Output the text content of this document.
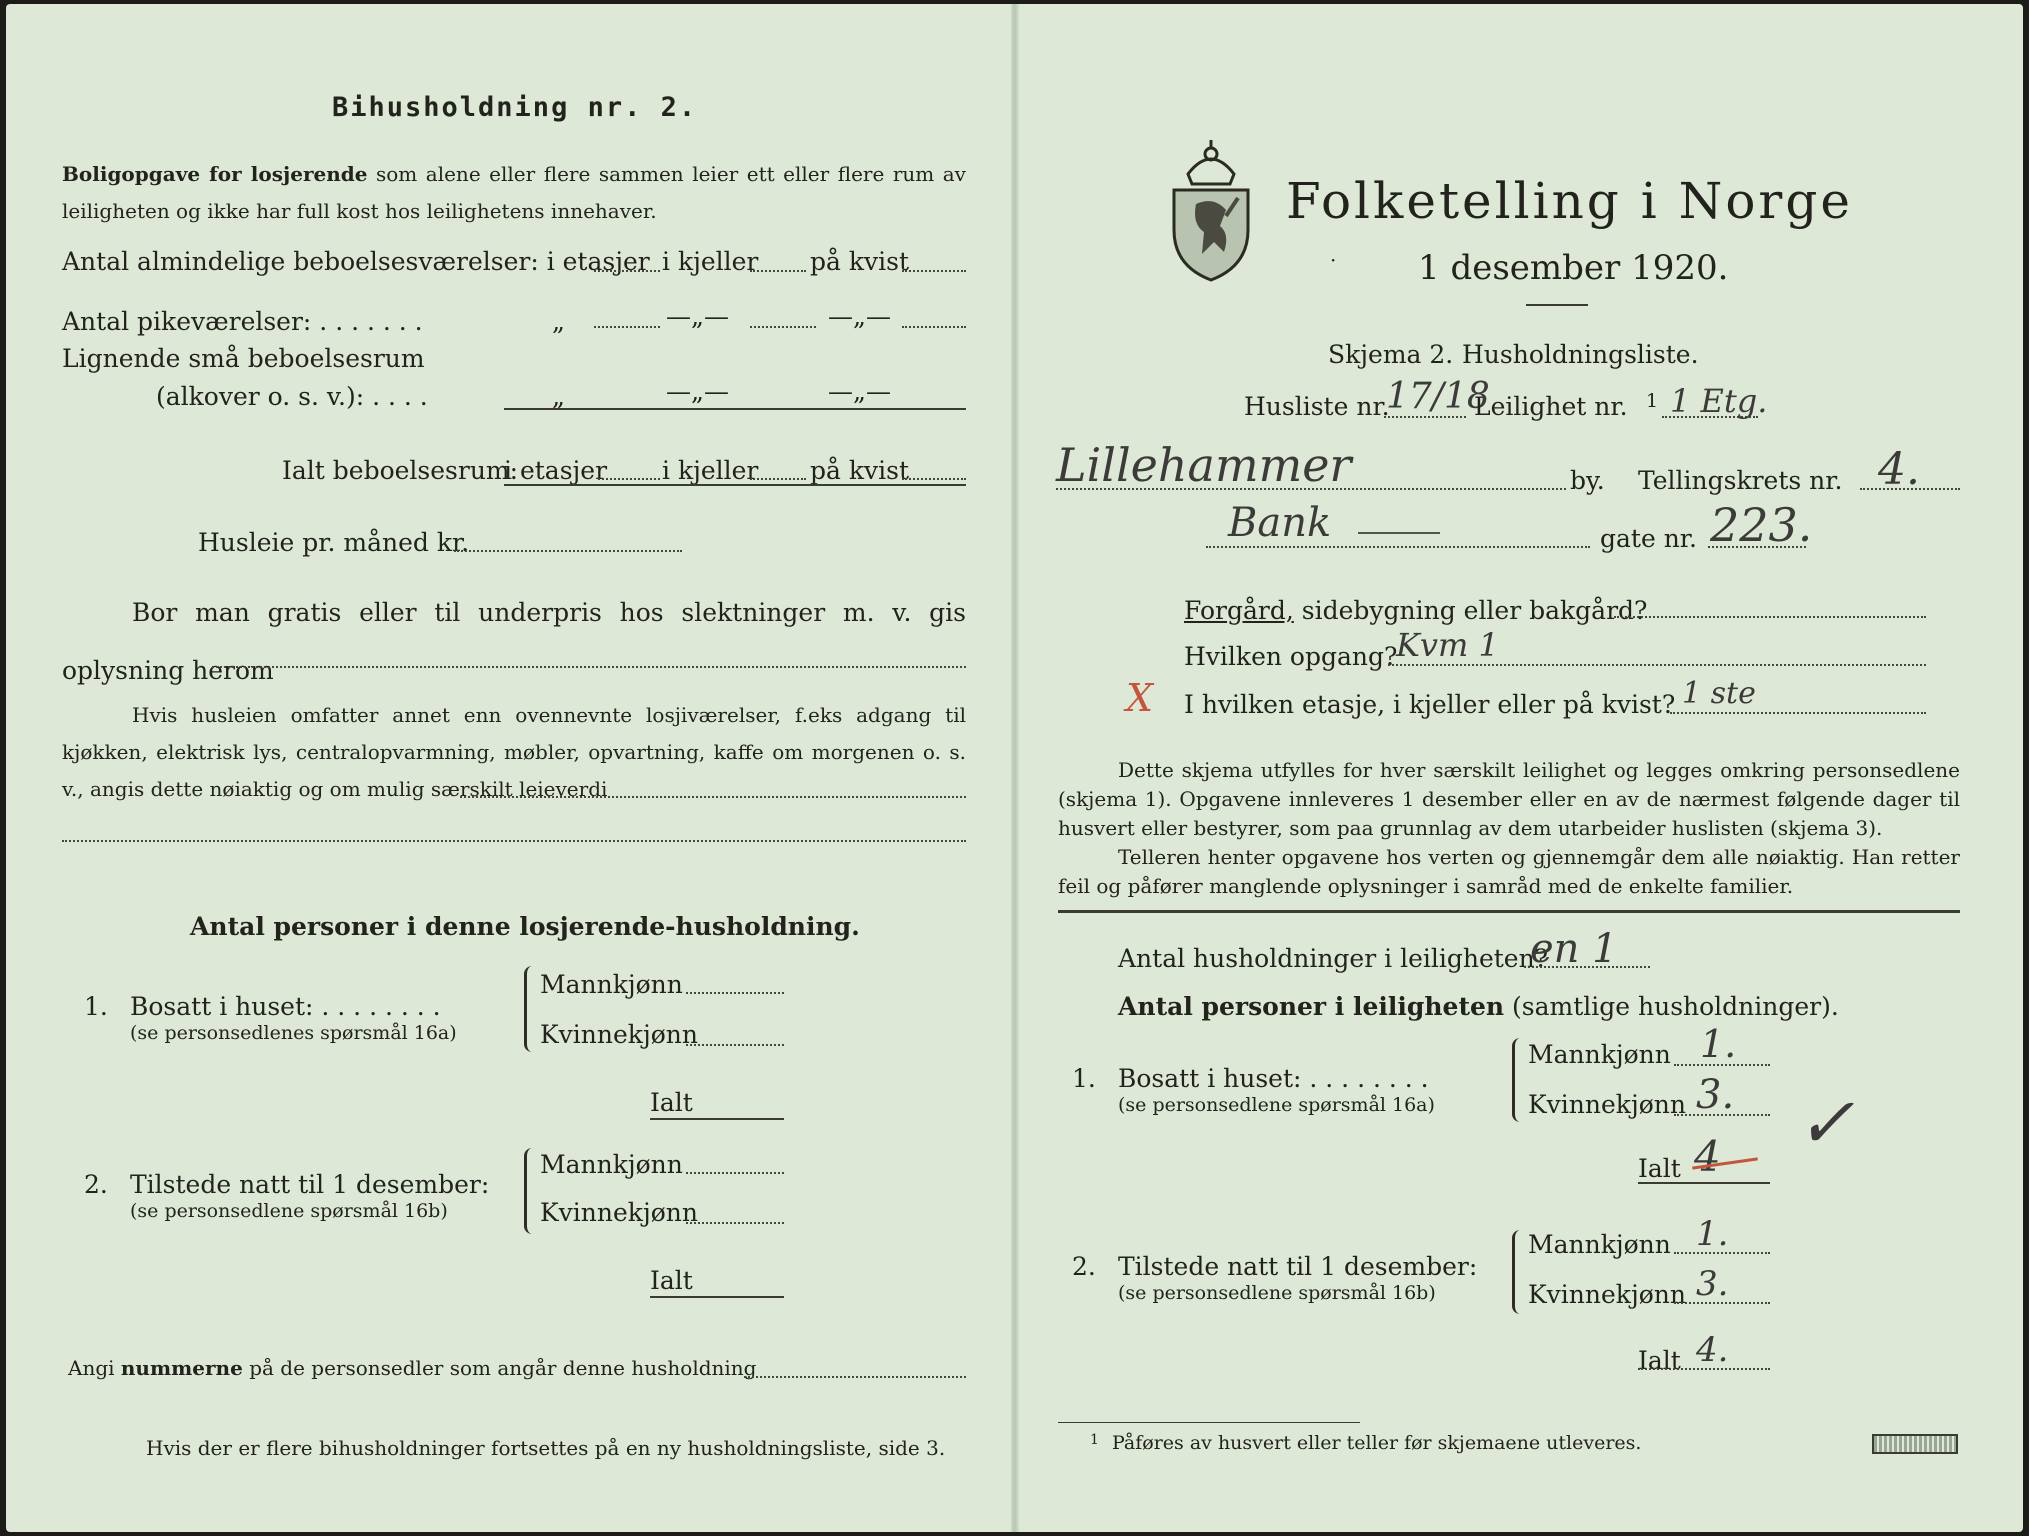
Bihusholdning nr. 2.
Boligopgave for losjerende som alene eller flere sammen leier ett eller flere rum av leiligheten og ikke har full kost hos leilighetens innehaver.
Antal almindelige beboelsesværelser: i etasjer i kjeller på kvist
Antal pikeværelser: . . . . . . .	„	—„—	—„—
Lignende små beboelsesrum
(alkover o. s. v.): . . . .	„	—„—	—„—
Ialt beboelsesrum:
i etasjer i kjeller på kvist
Husleie pr. måned kr.
Bor man gratis eller til underpris hos slektninger m. v. gis oplysning herom
Hvis husleien omfatter annet enn ovennevnte losjiværelser, f.eks adgang til kjøkken, elektrisk lys, centralopvarmning, møbler, opvartning, kaffe om morgenen o. s. v., angis dette nøiaktig og om mulig særskilt leieverdi
Antal personer i denne losjerende-husholdning.
1. Bosatt i huset: . . . . . . . .
(se personsedlenes spørsmål 16a)
Mannkjønn
Kvinnekjønn
Ialt
2. Tilstede natt til 1 desember:
(se personsedlene spørsmål 16b)
Mannkjønn
Kvinnekjønn
Ialt
Angi nummerne på de personsedler som angår denne husholdning
Hvis der er flere bihusholdninger fortsettes på en ny husholdningsliste, side 3.
Folketelling i Norge
· 1 desember 1920.
Skjema 2. Husholdningsliste.
Husliste nr.
17/18
Leilighet nr. 1 1 Etg.
Lillehammer	by. Tellingskrets nr. 4.
Bank	gate nr. 223.
Forgård, sidebygning eller bakgård?
Hvilken opgang?
Kvm 1
X I hvilken etasje, i kjeller eller på kvist? 1 ste
Dette skjema utfylles for hver særskilt leilighet og legges omkring personsedlene (skjema 1). Opgavene innleveres 1 desember eller en av de nærmest følgende dager til husvert eller bestyrer, som paa grunnlag av dem utarbeider huslisten (skjema 3).
Telleren henter opgavene hos verten og gjennemgår dem alle nøiaktig. Han retter feil og påfører manglende oplysninger i samråd med de enkelte familier.
Antal husholdninger i leiligheten?
en 1
Antal personer i leiligheten (samtlige husholdninger).
1. Bosatt i huset: . . . . . . . .
(se personsedlene spørsmål 16a)
Mannkjønn 1.
Kvinnekjønn 3. ✓
Ialt 4
2. Tilstede natt til 1 desember:
(se personsedlene spørsmål 16b)
Mannkjønn 1.
Kvinnekjønn 3.
Ialt 4.
1 Påføres av husvert eller teller før skjemaene utleveres.
